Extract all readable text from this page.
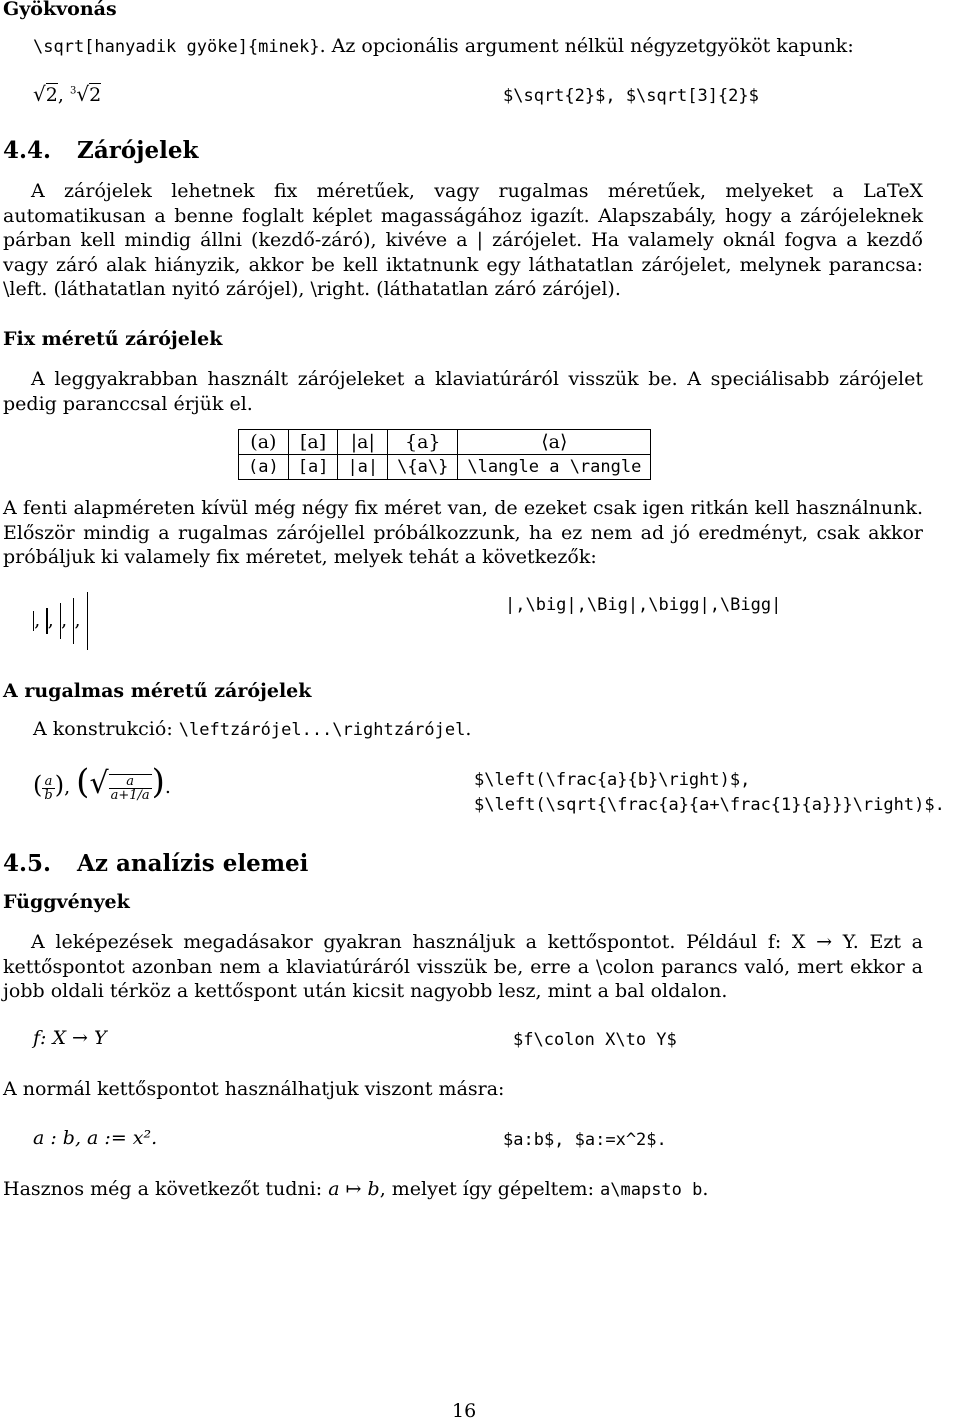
Gyökvonás
\sqrt[hanyadik gyöke]{minek}. Az opcionális argument nélkül négyzetgyököt kapunk:
√2, $^3$√2	$\sqrt{2}$, $\sqrt[3]{2}$
4.4. Zárójelek
A zárójelek lehetnek fix méretűek, vagy rugalmas méretűek, melyeket a LaTeX automatikusan a benne foglalt képlet magasságához igazít. Alapszabály, hogy a zárójeleknek párban kell mindig állni (kezdő-záró), kivéve a | zárójelet. Ha valamely oknál fogva a kezdő vagy záró alak hiányzik, akkor be kell iktatnunk egy láthatatlan zárójelet, melynek parancsa: \left. (láthatatlan nyitó zárójel), \right. (láthatatlan záró zárójel).
Fix méretű zárójelek
A leggyakrabban használt zárójeleket a klaviatúráról visszük be. A speciálisabb zárójelet pedig paranccsal érjük el.
(a)	[a]	|a|	{a}	⟨a⟩
(a)	[a]	|a|	\{a\}	\langle a \rangle
A fenti alapméreten kívül még négy fix méret van, de ezeket csak igen ritkán kell használnunk. Először mindig a rugalmas zárójellel próbálkozzunk, ha ez nem ad jó eredményt, csak akkor próbáljuk ki valamely fix méretet, melyek tehát a következők:
, , , ,
|,\big|,\Big|,\bigg|,\Bigg|
A rugalmas méretű zárójelek
A konstrukció: \leftzárójel...\rightzárójel.
( $\frac{a}{b}$ ), (√ $\frac{a}{a+1/a}$ ).	$\left(\frac{a}{b}\right)$,
$\left(\sqrt{\frac{a}{a+\frac{1}{a}}}\right)$.
4.5. Az analízis elemei
Függvények
A leképezések megadásakor gyakran használjuk a kettőspontot. Például f: X → Y. Ezt a kettőspontot azonban nem a klaviatúráról visszük be, erre a \colon parancs való, mert ekkor a jobb oldali térköz a kettőspont után kicsit nagyobb lesz, mint a bal oldalon.
f: X → Y	$f\colon X\to Y$
A normál kettőspontot használhatjuk viszont másra:
a : b, a := x².	$a:b$, $a:=x^2$.
Hasznos még a következőt tudni: a ↦ b, melyet így gépeltem: a\mapsto b.
16
